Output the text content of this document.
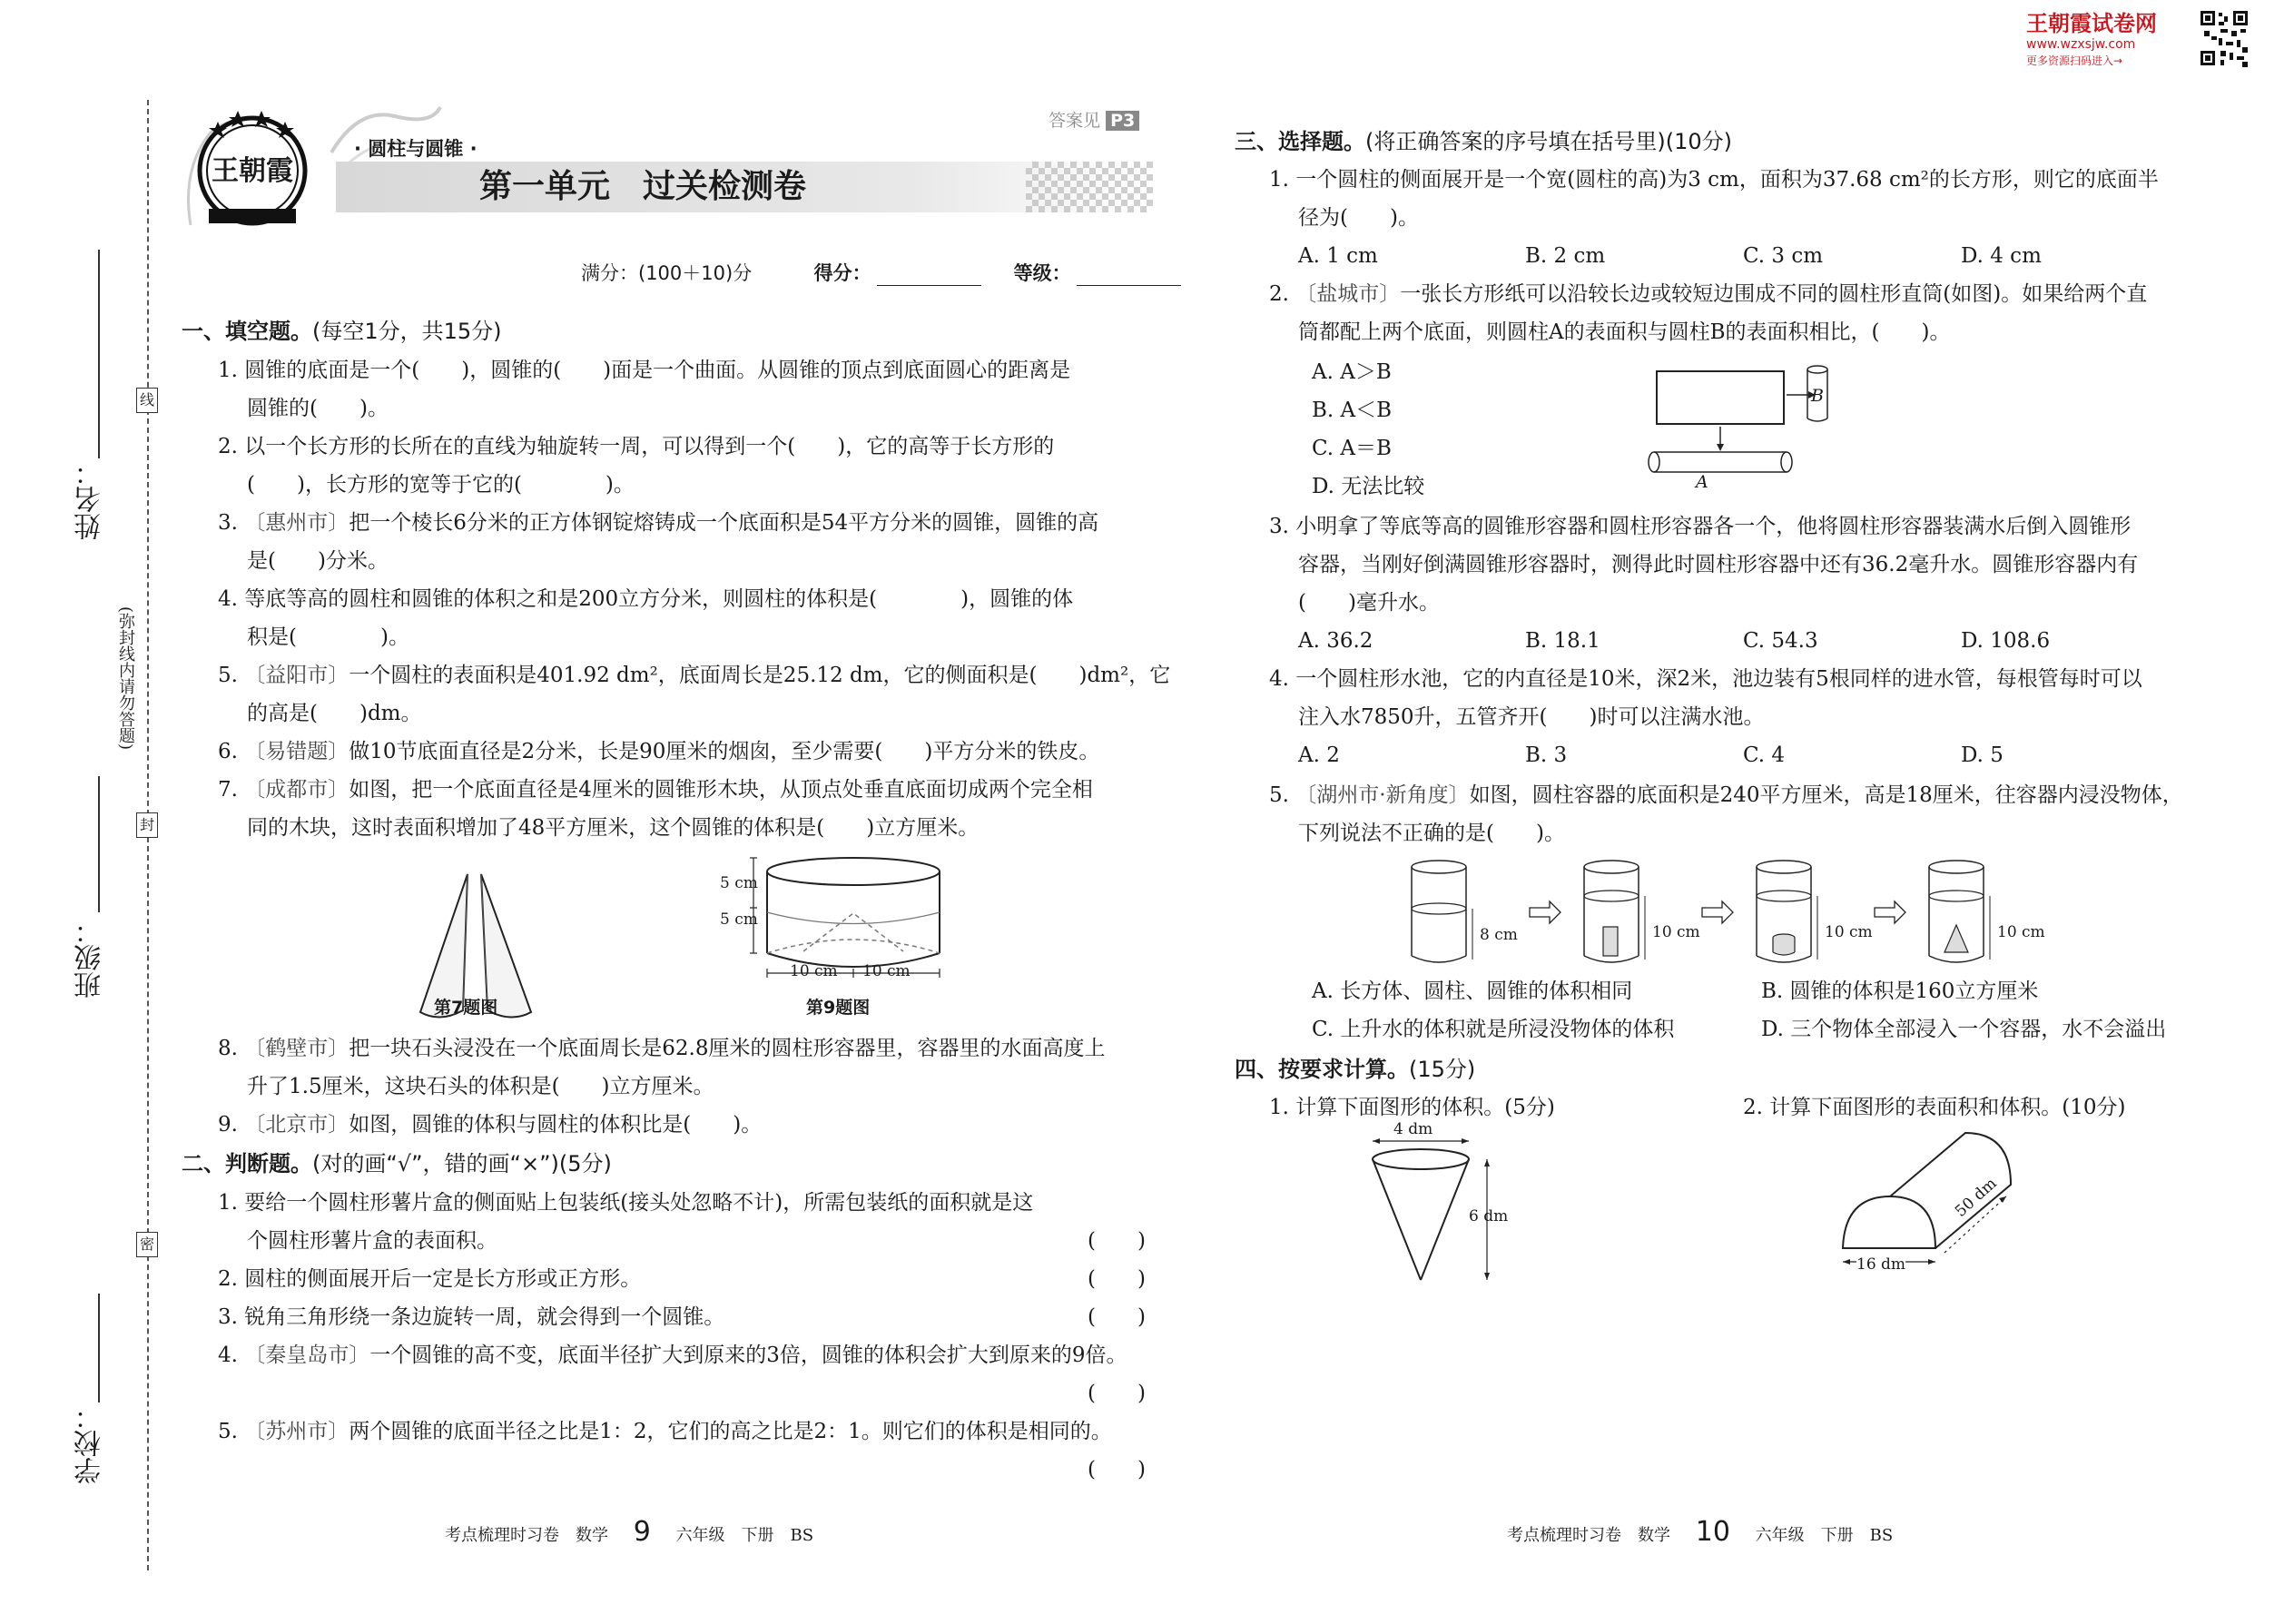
王朝霞试卷网
www.wzxsjw.com
更多资源扫码进入→
姓名：
班级：
学校：
(弥封线内请勿答题)
线
封
密
王朝霞
· 圆柱与圆锥 ·
答案见 P3
第一单元　过关检测卷
满分：(100＋10)分	得分：	等级：
一、填空题。(每空1分，共15分)
1. 圆锥的底面是一个(　　)，圆锥的(　　)面是一个曲面。从圆锥的顶点到底面圆心的距离是
圆锥的(　　)。
2. 以一个长方形的长所在的直线为轴旋转一周，可以得到一个(　　)，它的高等于长方形的
(　　)，长方形的宽等于它的(　　　　)。
3. 〔惠州市〕把一个棱长6分米的正方体钢锭熔铸成一个底面积是54平方分米的圆锥，圆锥的高
是(　　)分米。
4. 等底等高的圆柱和圆锥的体积之和是200立方分米，则圆柱的体积是(　　　　)，圆锥的体
积是(　　　　)。
5. 〔益阳市〕一个圆柱的表面积是401.92 dm²，底面周长是25.12 dm，它的侧面积是(　　)dm²，它
的高是(　　)dm。
6. 〔易错题〕做10节底面直径是2分米，长是90厘米的烟囱，至少需要(　　)平方分米的铁皮。
7. 〔成都市〕如图，把一个底面直径是4厘米的圆锥形木块，从顶点处垂直底面切成两个完全相
同的木块，这时表面积增加了48平方厘米，这个圆锥的体积是(　　)立方厘米。
第7题图
5 cm
5 cm
10 cm 10 cm
第9题图
8. 〔鹤壁市〕把一块石头浸没在一个底面周长是62.8厘米的圆柱形容器里，容器里的水面高度上
升了1.5厘米，这块石头的体积是(　　)立方厘米。
9. 〔北京市〕如图，圆锥的体积与圆柱的体积比是(　　)。
二、判断题。(对的画“√”，错的画“×”)(5分)
1. 要给一个圆柱形薯片盒的侧面贴上包装纸(接头处忽略不计)，所需包装纸的面积就是这
个圆柱形薯片盒的表面积。	(　　)
2. 圆柱的侧面展开后一定是长方形或正方形。	(　　)
3. 锐角三角形绕一条边旋转一周，就会得到一个圆锥。	(　　)
4. 〔秦皇岛市〕一个圆锥的高不变，底面半径扩大到原来的3倍，圆锥的体积会扩大到原来的9倍。
(　　)
5. 〔苏州市〕两个圆锥的底面半径之比是1：2，它们的高之比是2：1。则它们的体积是相同的。
(　　)
考点梳理时习卷　数学 9 六年级　下册　BS
三、选择题。(将正确答案的序号填在括号里)(10分)
1. 一个圆柱的侧面展开是一个宽(圆柱的高)为3 cm，面积为37.68 cm²的长方形，则它的底面半
径为(　　)。
A. 1 cm	B. 2 cm	C. 3 cm	D. 4 cm
2. 〔盐城市〕一张长方形纸可以沿较长边或较短边围成不同的圆柱形直筒(如图)。如果给两个直
筒都配上两个底面，则圆柱A的表面积与圆柱B的表面积相比，(　　)。
A. A＞B
B. A＜B
C. A＝B
D. 无法比较
B
A
3. 小明拿了等底等高的圆锥形容器和圆柱形容器各一个，他将圆柱形容器装满水后倒入圆锥形
容器，当刚好倒满圆锥形容器时，测得此时圆柱形容器中还有36.2毫升水。圆锥形容器内有
(　　)毫升水。
A. 36.2	B. 18.1	C. 54.3	D. 108.6
4. 一个圆柱形水池，它的内直径是10米，深2米，池边装有5根同样的进水管，每根管每时可以
注入水7850升，五管齐开(　　)时可以注满水池。
A. 2	B. 3	C. 4	D. 5
5. 〔湖州市·新角度〕如图，圆柱容器的底面积是240平方厘米，高是18厘米，往容器内浸没物体，
下列说法不正确的是(　　)。
8 cm	10 cm	10 cm	10 cm
A. 长方体、圆柱、圆锥的体积相同	B. 圆锥的体积是160立方厘米
C. 上升水的体积就是所浸没物体的体积	D. 三个物体全部浸入一个容器，水不会溢出
四、按要求计算。(15分)
1. 计算下面图形的体积。(5分)	2. 计算下面图形的表面积和体积。(10分)
4 dm
6 dm
16 dm
50 dm
考点梳理时习卷　数学 10 六年级　下册　BS
